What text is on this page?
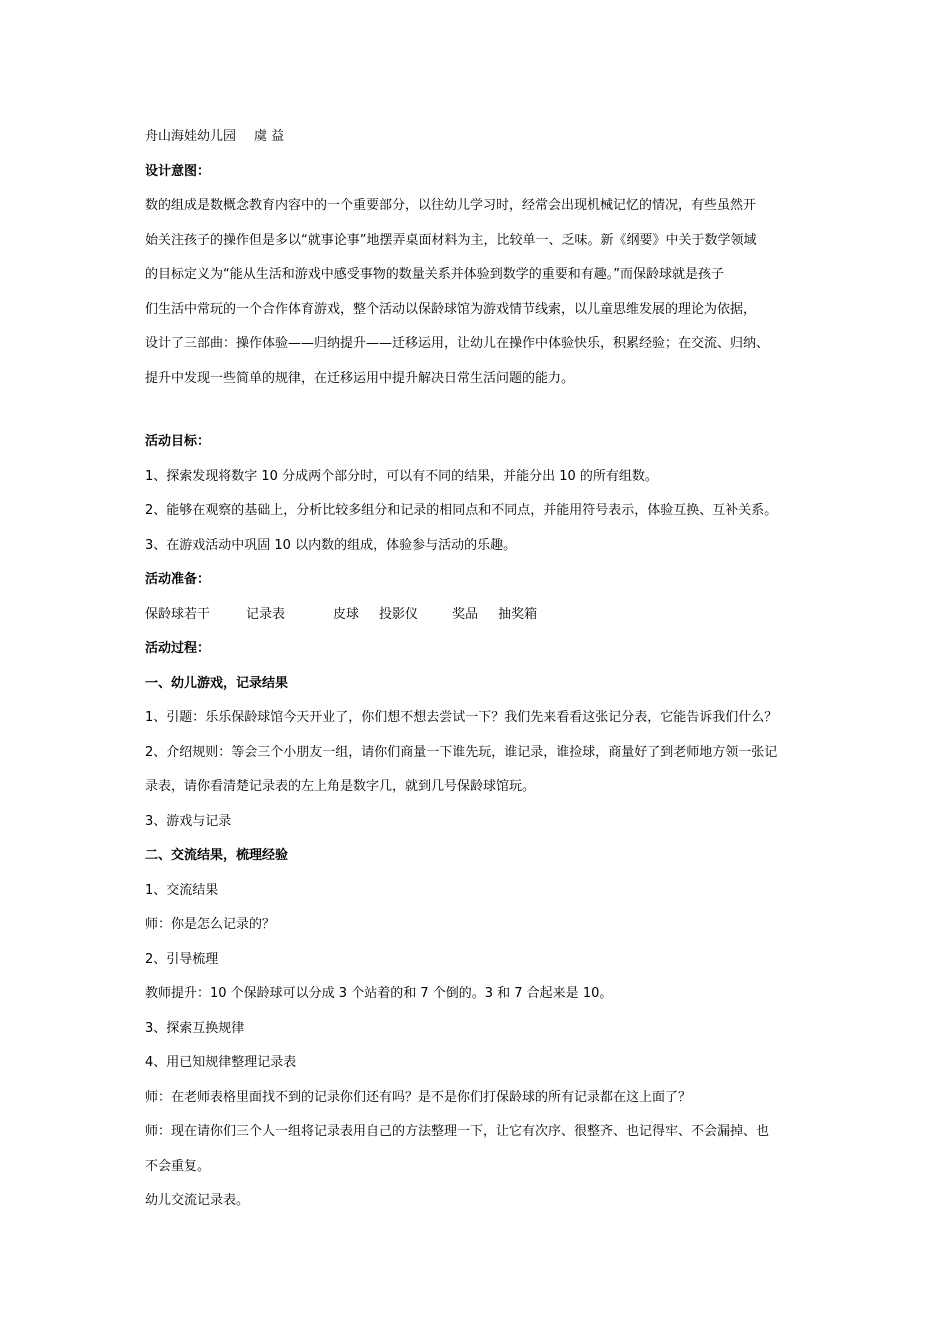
舟山海娃幼儿园 虞 益
设计意图：
数的组成是数概念教育内容中的一个重要部分，以往幼儿学习时，经常会出现机械记忆的情况，有些虽然开
始关注孩子的操作但是多以“就事论事”地摆弄桌面材料为主，比较单一、乏味。新《纲要》中关于数学领域
的目标定义为“能从生活和游戏中感受事物的数量关系并体验到数学的重要和有趣。”而保龄球就是孩子
们生活中常玩的一个合作体育游戏，整个活动以保龄球馆为游戏情节线索，以儿童思维发展的理论为依据，
设计了三部曲：操作体验——归纳提升——迁移运用，让幼儿在操作中体验快乐，积累经验；在交流、归纳、
提升中发现一些简单的规律，在迁移运用中提升解决日常生活问题的能力。
活动目标：
1、探索发现将数字 10 分成两个部分时，可以有不同的结果，并能分出 10 的所有组数。
2、能够在观察的基础上，分析比较多组分和记录的相同点和不同点，并能用符号表示，体验互换、互补关系。
3、在游戏活动中巩固 10 以内数的组成，体验参与活动的乐趣。
活动准备：
保龄球若干	记录表	皮球 投影仪	奖品 抽奖箱
活动过程：
一、幼儿游戏，记录结果
1、引题：乐乐保龄球馆今天开业了，你们想不想去尝试一下？我们先来看看这张记分表，它能告诉我们什么？
2、介绍规则：等会三个小朋友一组，请你们商量一下谁先玩，谁记录，谁捡球，商量好了到老师地方领一张记
录表，请你看清楚记录表的左上角是数字几，就到几号保龄球馆玩。
3、游戏与记录
二、交流结果，梳理经验
1、交流结果
师：你是怎么记录的？
2、引导梳理
教师提升：10 个保龄球可以分成 3 个站着的和 7 个倒的。3 和 7 合起来是 10。
3、探索互换规律
4、用已知规律整理记录表
师：在老师表格里面找不到的记录你们还有吗？是不是你们打保龄球的所有记录都在这上面了？
师：现在请你们三个人一组将记录表用自己的方法整理一下，让它有次序、很整齐、也记得牢、不会漏掉、也
不会重复。
幼儿交流记录表。
